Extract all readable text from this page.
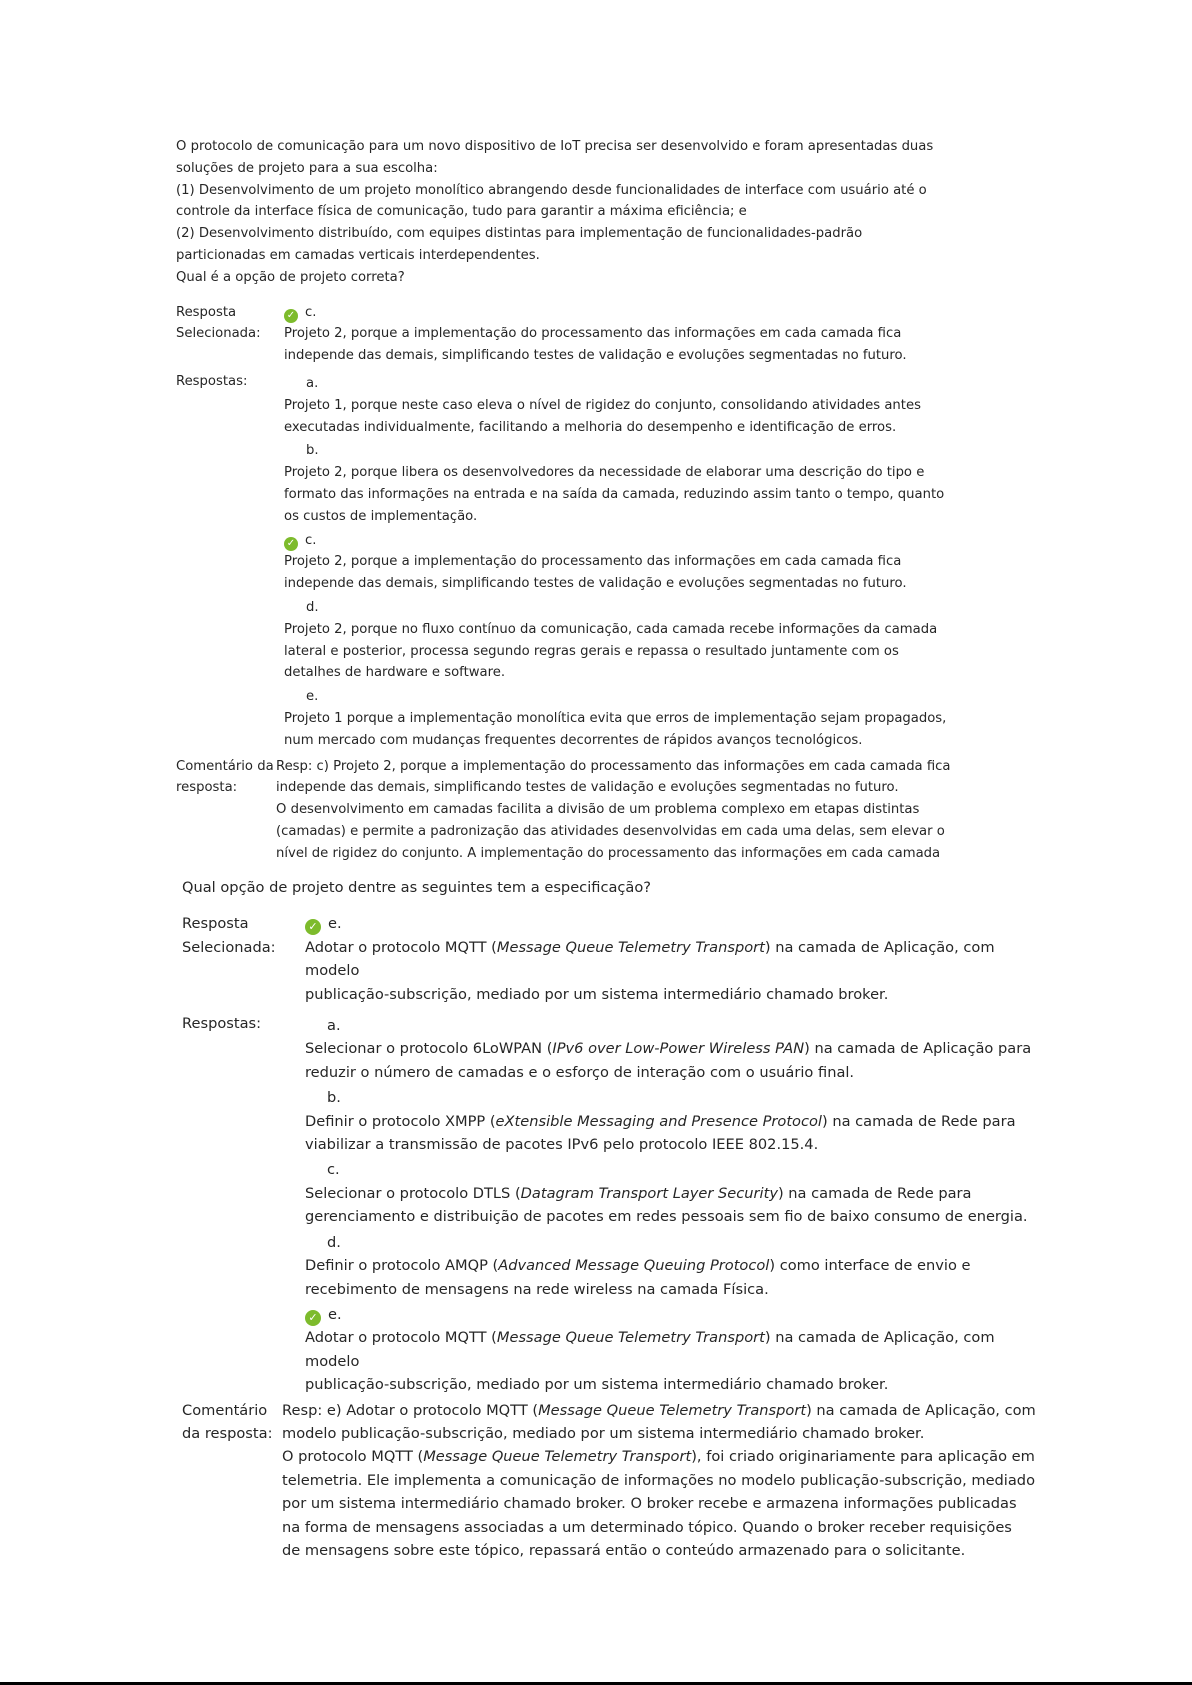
O protocolo de comunicação para um novo dispositivo de IoT precisa ser desenvolvido e foram apresentadas duas

soluções de projeto para a sua escolha:

(1) Desenvolvimento de um projeto monolítico abrangendo desde funcionalidades de interface com usuário até o

controle da interface física de comunicação, tudo para garantir a máxima eficiência; e

(2) Desenvolvimento distribuído, com equipes distintas para implementação de funcionalidades-padrão

particionadas em camadas verticais interdependentes.

Qual é a opção de projeto correta?

Resposta

Selecionada:

✓ c.

Projeto 2, porque a implementação do processamento das informações em cada camada fica

independe das demais, simplificando testes de validação e evoluções segmentadas no futuro.

Respostas:	a.

Projeto 1, porque neste caso eleva o nível de rigidez do conjunto, consolidando atividades antes

executadas individualmente, facilitando a melhoria do desempenho e identificação de erros.

b.

Projeto 2, porque libera os desenvolvedores da necessidade de elaborar uma descrição do tipo e

formato das informações na entrada e na saída da camada, reduzindo assim tanto o tempo, quanto

os custos de implementação.

✓ c.

Projeto 2, porque a implementação do processamento das informações em cada camada fica

independe das demais, simplificando testes de validação e evoluções segmentadas no futuro.

d.

Projeto 2, porque no fluxo contínuo da comunicação, cada camada recebe informações da camada

lateral e posterior, processa segundo regras gerais e repassa o resultado juntamente com os

detalhes de hardware e software.

e.

Projeto 1 porque a implementação monolítica evita que erros de implementação sejam propagados,

num mercado com mudanças frequentes decorrentes de rápidos avanços tecnológicos.

Comentário da

resposta:

Resp: c) Projeto 2, porque a implementação do processamento das informações em cada camada fica

independe das demais, simplificando testes de validação e evoluções segmentadas no futuro.

O desenvolvimento em camadas facilita a divisão de um problema complexo em etapas distintas

(camadas) e permite a padronização das atividades desenvolvidas em cada uma delas, sem elevar o

nível de rigidez do conjunto. A implementação do processamento das informações em cada camada

Qual opção de projeto dentre as seguintes tem a especificação?

Resposta

Selecionada:

✓ e.

Adotar o protocolo MQTT (Message Queue Telemetry Transport) na camada de Aplicação, com modelo

publicação-subscrição, mediado por um sistema intermediário chamado broker.

Respostas:	a.

Selecionar o protocolo 6LoWPAN (IPv6 over Low-Power Wireless PAN) na camada de Aplicação para

reduzir o número de camadas e o esforço de interação com o usuário final.

b.

Definir o protocolo XMPP (eXtensible Messaging and Presence Protocol) na camada de Rede para

viabilizar a transmissão de pacotes IPv6 pelo protocolo IEEE 802.15.4.

c.

Selecionar o protocolo DTLS (Datagram Transport Layer Security) na camada de Rede para

gerenciamento e distribuição de pacotes em redes pessoais sem fio de baixo consumo de energia.

d.

Definir o protocolo AMQP (Advanced Message Queuing Protocol) como interface de envio e

recebimento de mensagens na rede wireless na camada Física.

✓ e.

Adotar o protocolo MQTT (Message Queue Telemetry Transport) na camada de Aplicação, com modelo

publicação-subscrição, mediado por um sistema intermediário chamado broker.

Comentário

da resposta:

Resp: e) Adotar o protocolo MQTT (Message Queue Telemetry Transport) na camada de Aplicação, com

modelo publicação-subscrição, mediado por um sistema intermediário chamado broker.

O protocolo MQTT (Message Queue Telemetry Transport), foi criado originariamente para aplicação em

telemetria. Ele implementa a comunicação de informações no modelo publicação-subscrição, mediado

por um sistema intermediário chamado broker. O broker recebe e armazena informações publicadas

na forma de mensagens associadas a um determinado tópico. Quando o broker receber requisições

de mensagens sobre este tópico, repassará então o conteúdo armazenado para o solicitante.
